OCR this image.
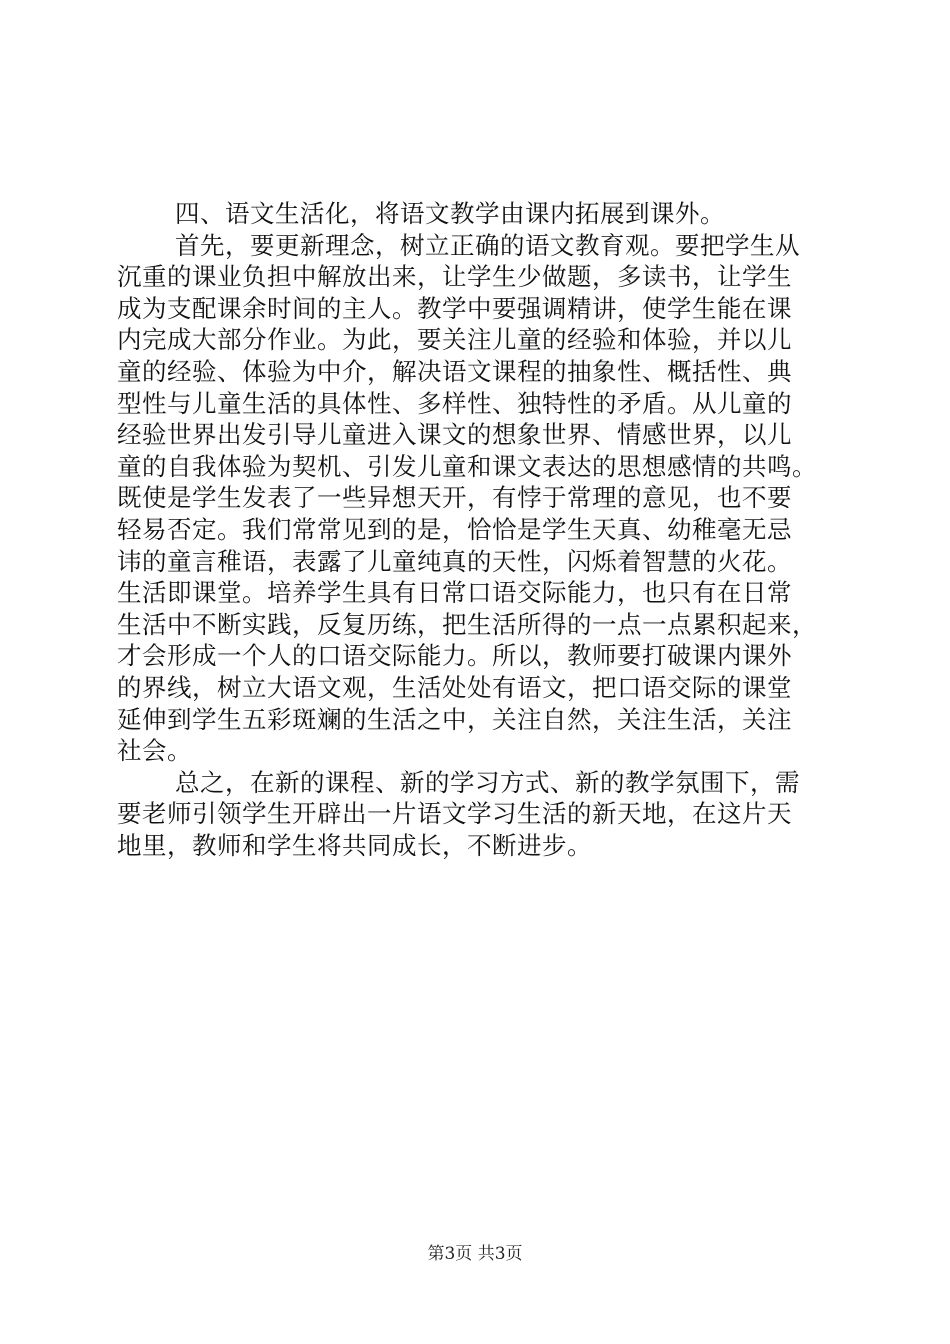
四、语文生活化，将语文教学由课内拓展到课外。
首先，要更新理念，树立正确的语文教育观。要把学生从
沉重的课业负担中解放出来，让学生少做题，多读书，让学生
成为支配课余时间的主人。教学中要强调精讲，使学生能在课
内完成大部分作业。为此，要关注儿童的经验和体验，并以儿
童的经验、体验为中介，解决语文课程的抽象性、概括性、典
型性与儿童生活的具体性、多样性、独特性的矛盾。从儿童的
经验世界出发引导儿童进入课文的想象世界、情感世界，以儿
童的自我体验为契机、引发儿童和课文表达的思想感情的共鸣。
既使是学生发表了一些异想天开，有悖于常理的意见，也不要
轻易否定。我们常常见到的是，恰恰是学生天真、幼稚毫无忌
讳的童言稚语，表露了儿童纯真的天性，闪烁着智慧的火花。
生活即课堂。培养学生具有日常口语交际能力，也只有在日常
生活中不断实践，反复历练，把生活所得的一点一点累积起来，
才会形成一个人的口语交际能力。所以，教师要打破课内课外
的界线，树立大语文观，生活处处有语文，把口语交际的课堂
延伸到学生五彩斑斓的生活之中，关注自然，关注生活，关注
社会。
总之，在新的课程、新的学习方式、新的教学氛围下，需
要老师引领学生开辟出一片语文学习生活的新天地，在这片天
地里，教师和学生将共同成长，不断进步。
第3页 共3页
